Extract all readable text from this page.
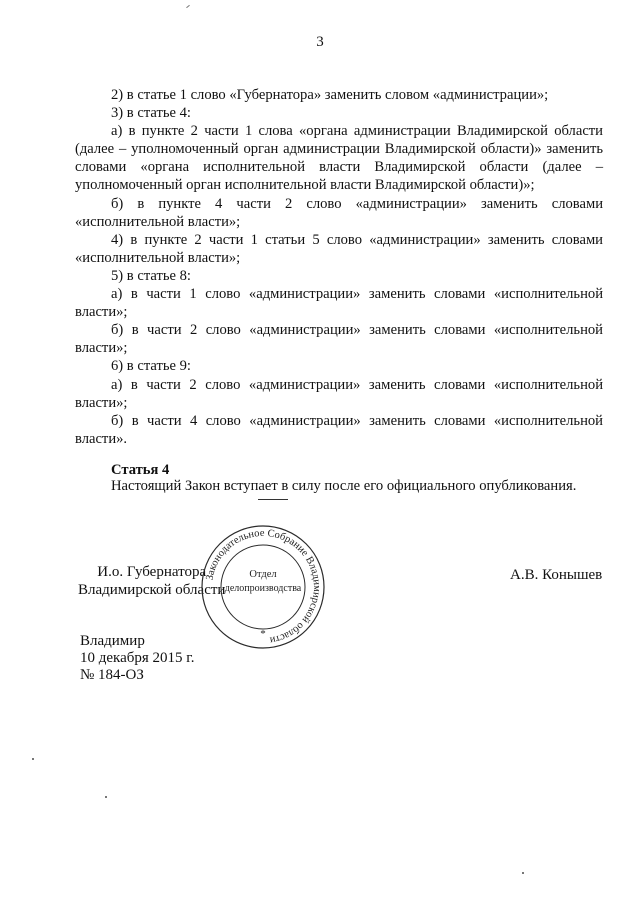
3

2) в статье 1 слово «Губернатора» заменить словом «администрации»;

3) в статье 4:

а) в пункте 2 части 1 слова «органа администрации Владимирской области (далее – уполномоченный орган администрации Владимирской области)» заменить словами «органа исполнительной власти Владимирской области (далее – уполномоченный орган исполнительной власти Владимирской области)»;

б) в пункте 4 части 2 слово «администрации» заменить словами «исполнительной власти»;

4) в пункте 2 части 1 статьи 5 слово «администрации» заменить словами «исполнительной власти»;

5) в статье 8:

а) в части 1 слово «администрации» заменить словами «исполнительной власти»;

б) в части 2 слово «администрации» заменить словами «исполнительной власти»;

6) в статье 9:

а) в части 2 слово «администрации» заменить словами «исполнительной власти»;

б) в части 4 слово «администрации» заменить словами «исполнительной власти».

Статья 4
Настоящий Закон вступает в силу после его официального опубликования.
И.о. Губернатора
Владимирской области
Законодательное Собрание Владимирской области
Отдел
делопроизводства
*
А.В. Конышев
Владимир
10 декабря 2015 г.
№ 184-ОЗ
